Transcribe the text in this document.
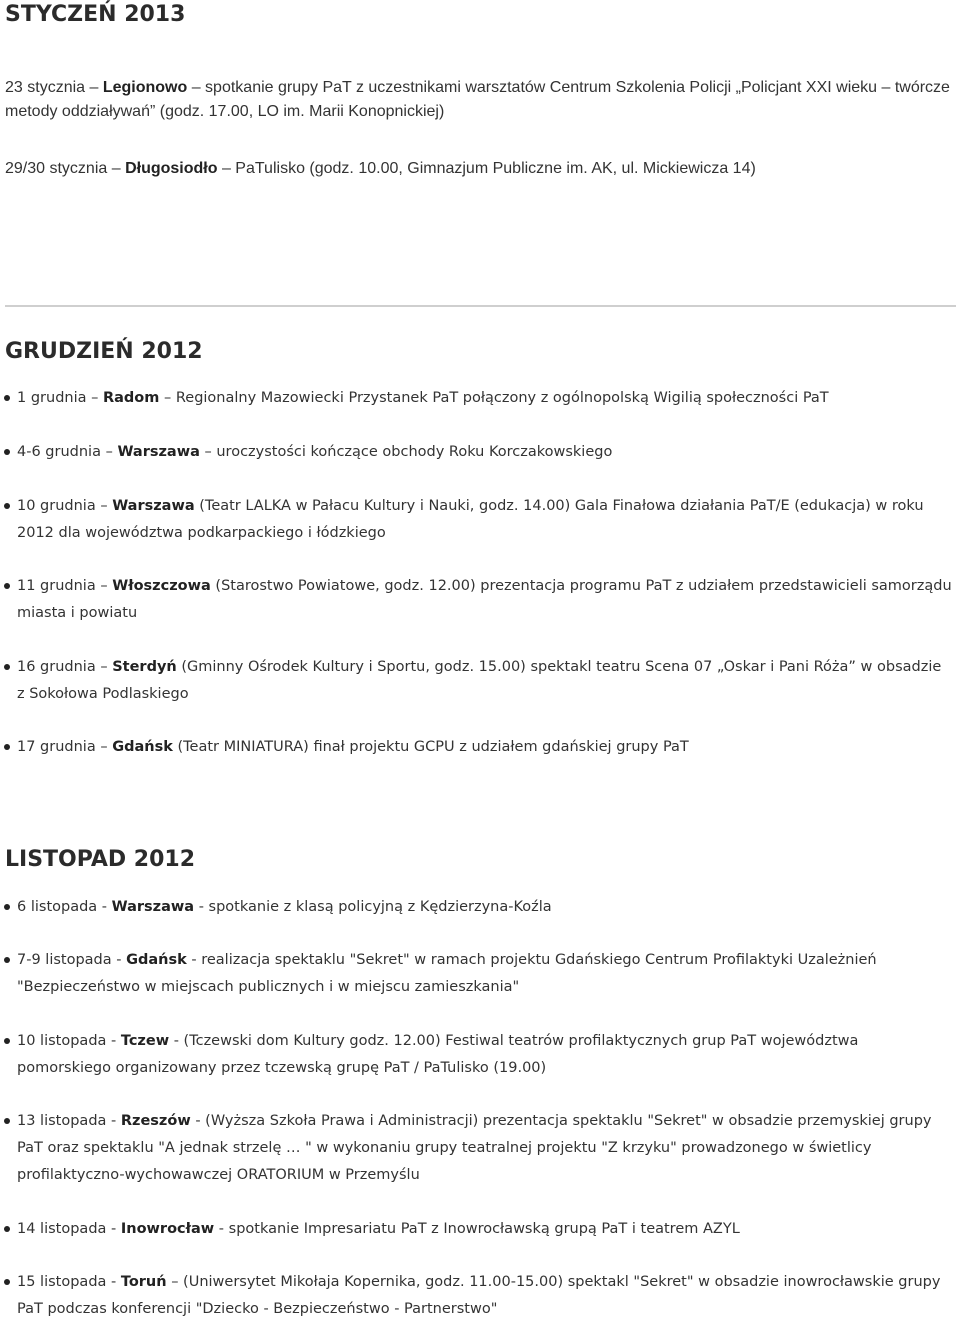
STYCZEŃ 2013

23 stycznia – Legionowo – spotkanie grupy PaT z uczestnikami warsztatów Centrum Szkolenia Policji „Policjant XXI wieku – twórcze metody oddziaływań” (godz. 17.00, LO im. Marii Konopnickiej)

29/30 stycznia – Długosiodło – PaTulisko (godz. 10.00, Gimnazjum Publiczne im. AK, ul. Mickiewicza 14)

GRUDZIEŃ 2012
1 grudnia – Radom – Regionalny Mazowiecki Przystanek PaT połączony z ogólnopolską Wigilią społeczności PaT
4-6 grudnia – Warszawa – uroczystości kończące obchody Roku Korczakowskiego
10 grudnia – Warszawa (Teatr LALKA w Pałacu Kultury i Nauki, godz. 14.00) Gala Finałowa działania PaT/E (edukacja) w roku 2012 dla województwa podkarpackiego i łódzkiego
11 grudnia – Włoszczowa (Starostwo Powiatowe, godz. 12.00) prezentacja programu PaT z udziałem przedstawicieli samorządu miasta i powiatu
16 grudnia – Sterdyń (Gminny Ośrodek Kultury i Sportu, godz. 15.00) spektakl teatru Scena 07 „Oskar i Pani Róża” w obsadzie z Sokołowa Podlaskiego
17 grudnia – Gdańsk (Teatr MINIATURA) finał projektu GCPU z udziałem gdańskiej grupy PaT
LISTOPAD 2012
6 listopada - Warszawa - spotkanie z klasą policyjną z Kędzierzyna-Koźla
7-9 listopada - Gdańsk - realizacja spektaklu "Sekret" w ramach projektu Gdańskiego Centrum Profilaktyki Uzależnień "Bezpieczeństwo w miejscach publicznych i w miejscu zamieszkania"
10 listopada - Tczew - (Tczewski dom Kultury godz. 12.00) Festiwal teatrów profilaktycznych grup PaT województwa pomorskiego organizowany przez tczewską grupę PaT / PaTulisko (19.00)
13 listopada - Rzeszów - (Wyższa Szkoła Prawa i Administracji) prezentacja spektaklu "Sekret" w obsadzie przemyskiej grupy PaT oraz spektaklu "A jednak strzelę … " w wykonaniu grupy teatralnej projektu "Z krzyku" prowadzonego w świetlicy profilaktyczno-wychowawczej ORATORIUM w Przemyślu
14 listopada - Inowrocław - spotkanie Impresariatu PaT z Inowrocławską grupą PaT i teatrem AZYL
15 listopada - Toruń – (Uniwersytet Mikołaja Kopernika, godz. 11.00-15.00) spektakl "Sekret" w obsadzie inowrocławskie grupy PaT podczas konferencji "Dziecko - Bezpieczeństwo - Partnerstwo"
